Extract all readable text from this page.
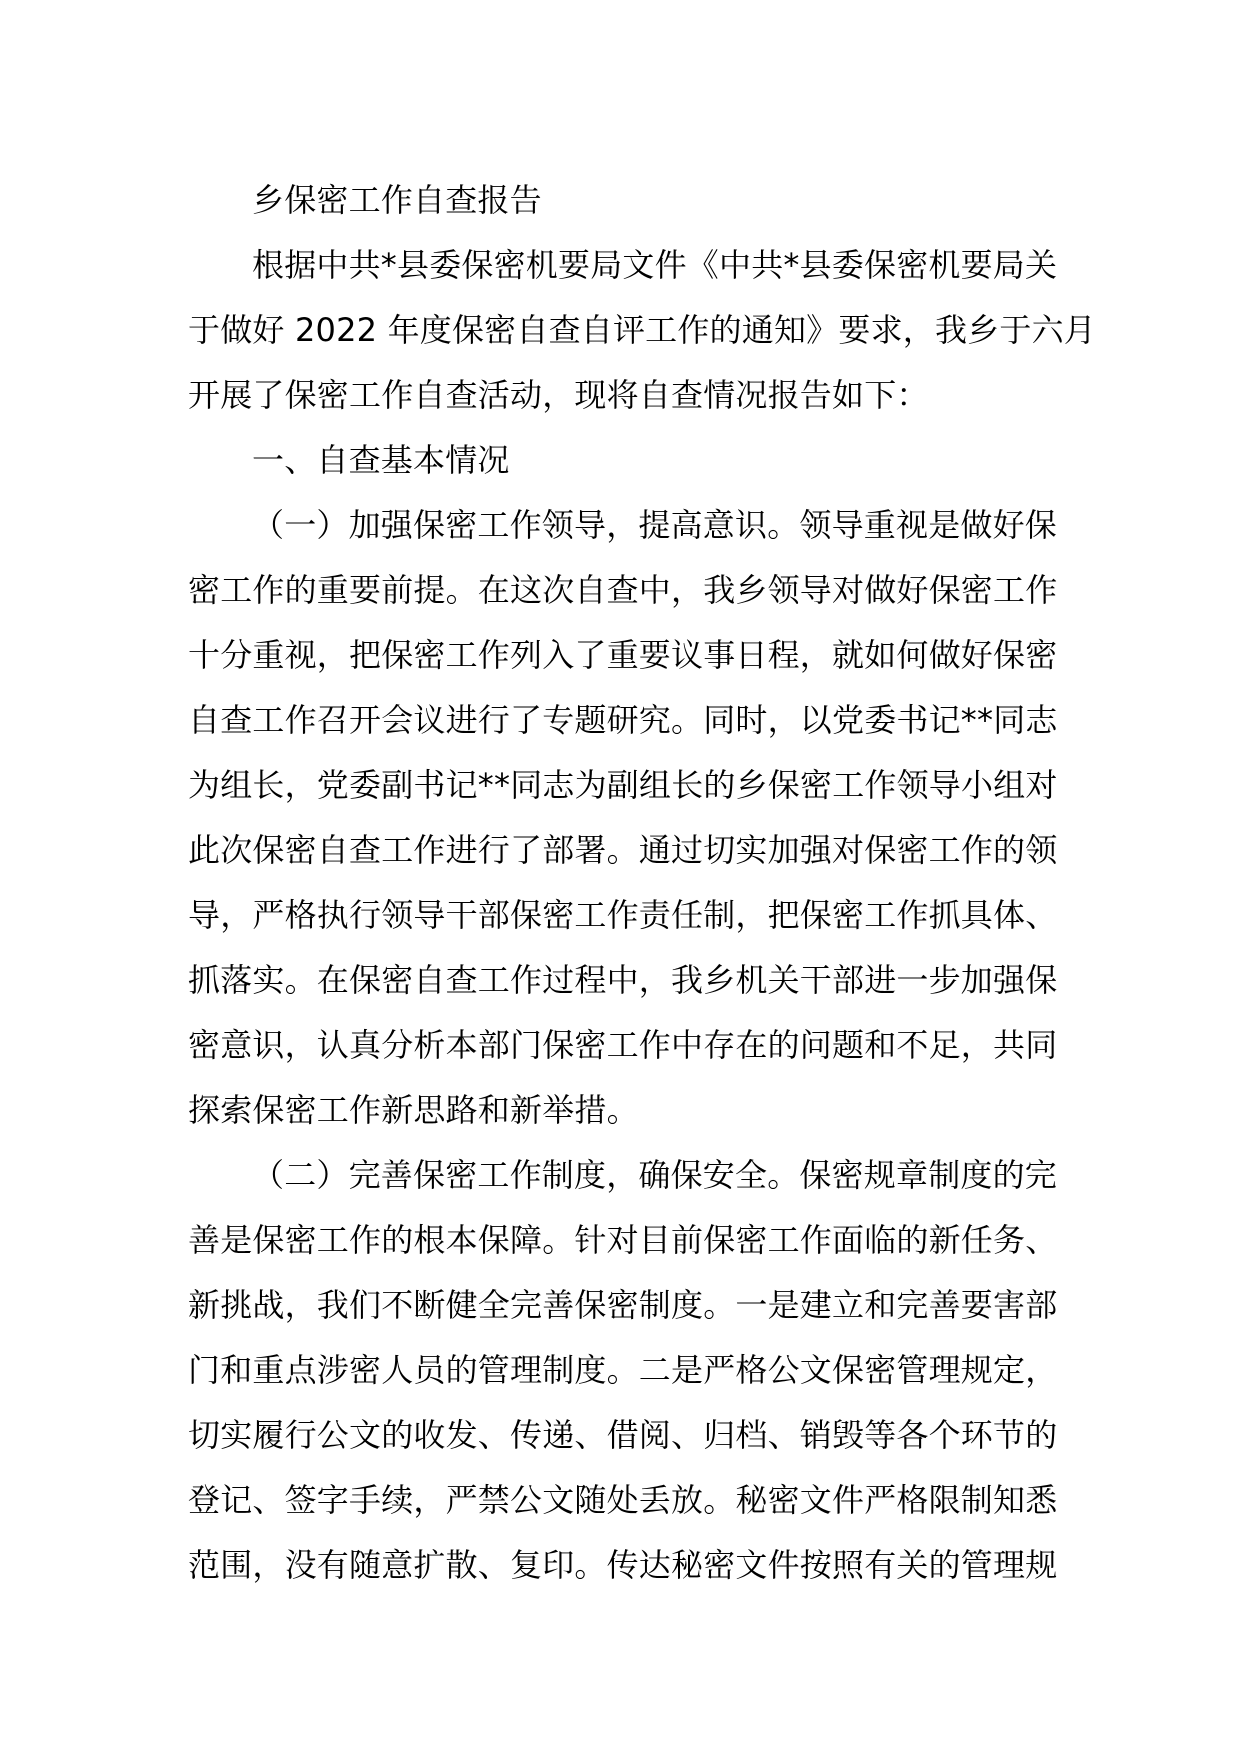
乡保密工作自查报告
根据中共*县委保密机要局文件《中共*县委保密机要局关
于做好 2022 年度保密自查自评工作的通知》要求，我乡于六月
开展了保密工作自查活动，现将自查情况报告如下：
一、自查基本情况
（一）加强保密工作领导，提高意识。领导重视是做好保
密工作的重要前提。在这次自查中，我乡领导对做好保密工作
十分重视，把保密工作列入了重要议事日程，就如何做好保密
自查工作召开会议进行了专题研究。同时，以党委书记**同志
为组长，党委副书记**同志为副组长的乡保密工作领导小组对
此次保密自查工作进行了部署。通过切实加强对保密工作的领
导，严格执行领导干部保密工作责任制，把保密工作抓具体、
抓落实。在保密自查工作过程中，我乡机关干部进一步加强保
密意识，认真分析本部门保密工作中存在的问题和不足，共同
探索保密工作新思路和新举措。
（二）完善保密工作制度，确保安全。保密规章制度的完
善是保密工作的根本保障。针对目前保密工作面临的新任务、
新挑战，我们不断健全完善保密制度。一是建立和完善要害部
门和重点涉密人员的管理制度。二是严格公文保密管理规定，
切实履行公文的收发、传递、借阅、归档、销毁等各个环节的
登记、签字手续，严禁公文随处丢放。秘密文件严格限制知悉
范围，没有随意扩散、复印。传达秘密文件按照有关的管理规
